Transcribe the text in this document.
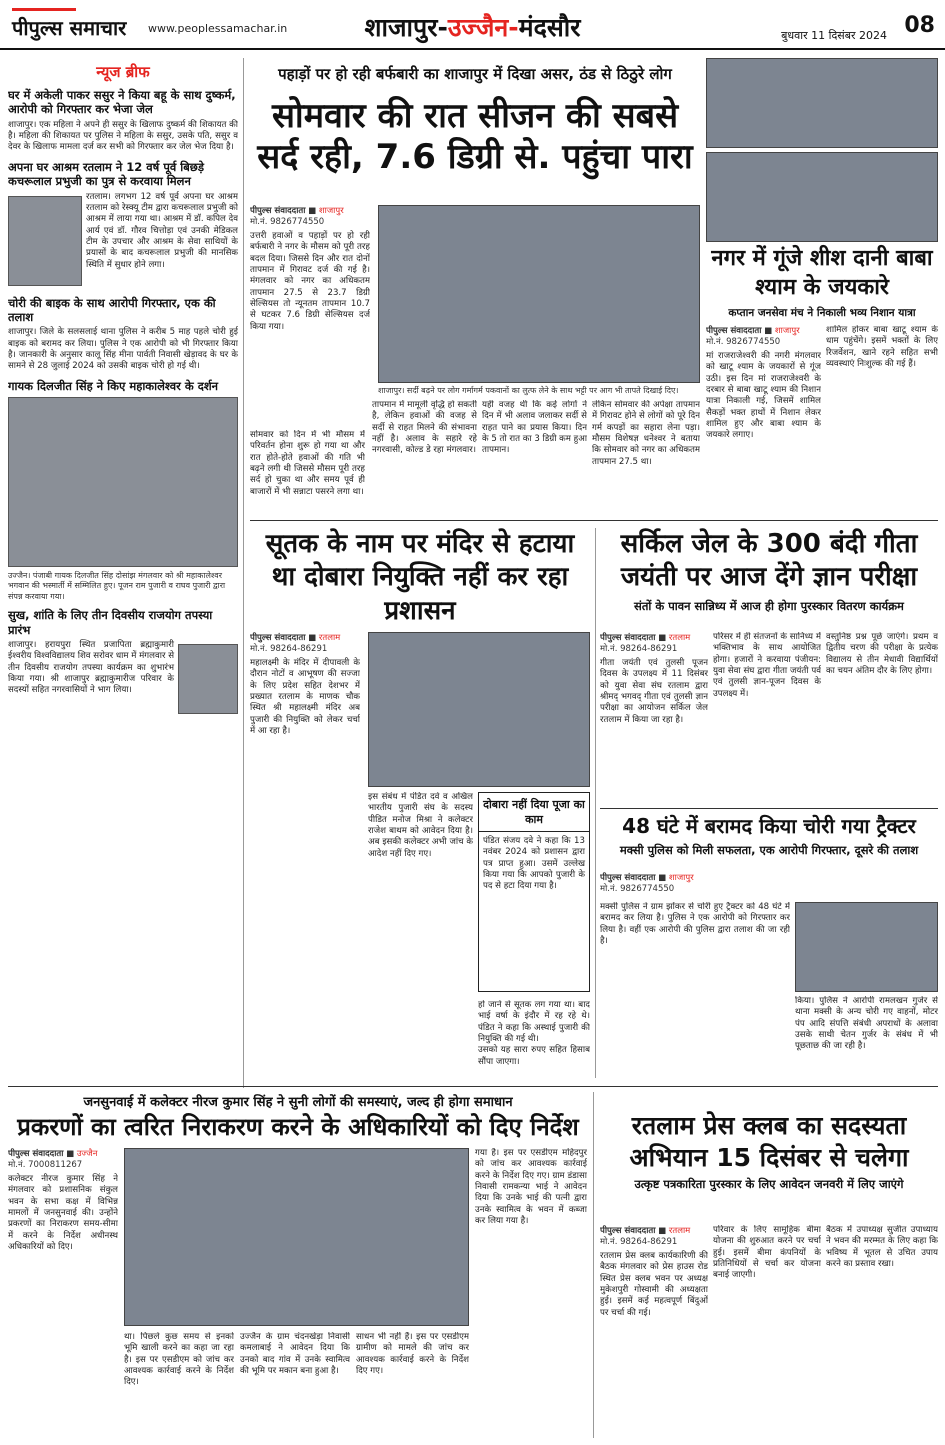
पीपुल्स समाचार www.peoplessamachar.in	शाजापुर-उज्जैन-मंदसौर	बुधवार 11 दिसंबर 2024 08
न्यूज ब्रीफ
घर में अकेली पाकर ससुर ने किया बहू के साथ दुष्कर्म, आरोपी को गिरफ्तार कर भेजा जेल
शाजापुर। एक महिला ने अपने ही ससुर के खिलाफ दुष्कर्म की शिकायत की है। महिला की शिकायत पर पुलिस ने महिला के ससुर, उसके पति, ससुर व देवर के खिलाफ मामला दर्ज कर सभी को गिरफ्तार कर जेल भेज दिया है।
अपना घर आश्रम रतलाम ने 12 वर्ष पूर्व बिछड़े कचरूलाल प्रभुजी का पुत्र से करवाया मिलन
रतलाम। लगभग 12 वर्ष पूर्व अपना घर आश्रम रतलाम को रेस्क्यू टीम द्वारा कचरूलाल प्रभुजी को आश्रम में लाया गया था। आश्रम में डॉ. कपिल देव आर्य एवं डॉ. गौरव चित्तोड़ा एवं उनकी मेडिकल टीम के उपचार और आश्रम के सेवा साथियों के प्रयासों के बाद कचरूलाल प्रभुजी की मानसिक स्थिति में सुधार होने लगा।
चोरी की बाइक के साथ आरोपी गिरफ्तार, एक की तलाश
शाजापुर। जिले के सलसलाई थाना पुलिस ने करीब 5 माह पहले चोरी हुई बाइक को बरामद कर लिया। पुलिस ने एक आरोपी को भी गिरफ्तार किया है। जानकारी के अनुसार कालू सिंह मीना पार्वती निवासी खेड़ावद के घर के सामने से 28 जुलाई 2024 को उसकी बाइक चोरी हो गई थी।
गायक दिलजीत सिंह ने किए महाकालेश्वर के दर्शन
उज्जैन। पंजाबी गायक दिलजीत सिंह दोसांझ मंगलवार को श्री महाकालेश्वर भगवान की भस्मार्ती में सम्मिलित हुए। पूजन राम पुजारी व राघव पुजारी द्वारा संपन्न करवाया गया।
सुख, शांति के लिए तीन दिवसीय राजयोग तपस्या प्रारंभ
शाजापुर। हरायपुरा स्थित प्रजापिता ब्रह्माकुमारी ईश्वरीय विश्वविद्यालय शिव सरोवर धाम में मंगलवार से तीन दिवसीय राजयोग तपस्या कार्यक्रम का शुभारंभ किया गया। श्री शाजापुर ब्रह्माकुमारीज परिवार के सदस्यों सहित नगरवासियों ने भाग लिया।
पहाड़ों पर हो रही बर्फबारी का शाजापुर में दिखा असर, ठंड से ठिठुरे लोग
सोमवार की रात सीजन की सबसे सर्द रही, 7.6 डिग्री से. पहुंचा पारा
पीपुल्स संवाददाता ■ शाजापुर
मो.नं. 9826774550
उत्तरी हवाओं व पहाड़ों पर हो रही बर्फबारी ने नगर के मौसम को पूरी तरह बदल दिया। जिससे दिन और रात दोनों तापमान में गिरावट दर्ज की गई है। मंगलवार को नगर का अधिकतम तापमान 27.5 से 23.7 डिग्री सेल्सियस तो न्यूनतम तापमान 10.7 से घटकर 7.6 डिग्री सेल्सियस दर्ज किया गया।
शाजापुर। सर्दी बढ़ने पर लोग गर्मागर्म पकवानों का लुत्फ लेने के साथ भट्टी पर आग भी तापते दिखाई दिए।
सोमवार को दिन में भी मौसम में परिवर्तन होना शुरू हो गया था और रात होते-होते हवाओं की गति भी बढ़ने लगी थी जिससे मौसम पूरी तरह सर्द हो चुका था और समय पूर्व ही बाजारों में भी सन्नाटा पसरने लगा था।
तापमान में मामूली वृद्धि हो सकती है, लेकिन हवाओं की वजह से सर्दी से राहत मिलने की संभावना नहीं है। अलाव के सहारे रहे नगरवासी, कोल्ड डे रहा मंगलवार।
यही वजह थी कि कई लोगों ने दिन में भी अलाव जलाकर सर्दी से राहत पाने का प्रयास किया। दिन के 5 तो रात का 3 डिग्री कम हुआ तापमान।
लेकिन सोमवार की अपेक्षा तापमान में गिरावट होने से लोगों को पूरे दिन गर्म कपड़ों का सहारा लेना पड़ा। मौसम विशेषज्ञ धनेश्वर ने बताया कि सोमवार को नगर का अधिकतम तापमान 27.5 था।
नगर में गूंजे शीश दानी बाबा श्याम के जयकारे
कप्तान जनसेवा मंच ने निकाली भव्य निशान यात्रा
पीपुल्स संवाददाता ■ शाजापुर
मो.नं. 9826774550
मां राजराजेश्वरी की नगरी मंगलवार को खाटू श्याम के जयकारों से गूंज उठी। इस दिन मां राजराजेश्वरी के दरबार से बाबा खाटू श्याम की निशान यात्रा निकाली गई, जिसमें शामिल सैकड़ों भक्त हाथों में निशान लेकर शामिल हुए और बाबा श्याम के जयकारे लगाए।
शामिल होकर बाबा खाटू श्याम के धाम पहुंचेंगे। इसमें भक्तों के लिए रिजर्वेशन, खाने रहने सहित सभी व्यवस्थाएं निःशुल्क की गई हैं।
सूतक के नाम पर मंदिर से हटाया था दोबारा नियुक्ति नहीं कर रहा प्रशासन
पीपुल्स संवाददाता ■ रतलाम
मो.नं. 98264-86291
महालक्ष्मी के मंदिर में दीपावली के दौरान नोटों व आभूषण की सज्जा के लिए प्रदेश सहित देशभर में प्रख्यात रतलाम के माणक चौक स्थित श्री महालक्ष्मी मंदिर अब पुजारी की नियुक्ति को लेकर चर्चा में आ रहा है।
इस संबंध में पंडित दवे व अखिल भारतीय पुजारी संघ के सदस्य पीडित मनोज मिश्रा ने कलेक्टर राजेश बाथम को आवेदन दिया है। अब इसकी कलेक्टर अभी जांच के आदेश नहीं दिए गए।
दोबारा नहीं दिया पूजा का काम
पंडित संजय दवे ने कहा कि 13 नवंबर 2024 को प्रशासन द्वारा पत्र प्राप्त हुआ। उसमें उल्लेख किया गया कि आपको पुजारी के पद से हटा दिया गया है।
हो जाने से सूतक लग गया था। बाद भाई वर्षा के इंदौर में रह रहे थे। पंडित ने कहा कि अस्थाई पुजारी की नियुक्ति की गई थी।
उसको यह सारा रुपए सहित हिसाब सौंपा जाएगा।
सर्किल जेल के 300 बंदी गीता जयंती पर आज देंगे ज्ञान परीक्षा
संतों के पावन सान्निध्य में आज ही होगा पुरस्कार वितरण कार्यक्रम
पीपुल्स संवाददाता ■ रतलाम
मो.नं. 98264-86291
गीता जयंती एवं तुलसी पूजन दिवस के उपलक्ष्य में 11 दिसंबर को युवा सेवा संघ रतलाम द्वारा श्रीमद् भगवद् गीता एवं तुलसी ज्ञान परीक्षा का आयोजन सर्किल जेल रतलाम में किया जा रहा है।
परिसर में ही संतजनों के सानिध्य में भक्तिभाव के साथ आयोजित होगा। हजारों ने करवाया पंजीयन: युवा सेवा संघ द्वारा गीता जयंती पर्व एवं तुलसी ज्ञान-पूजन दिवस के उपलक्ष्य में।
वस्तुनिष्ठ प्रश्न पूछे जाएंगे। प्रथम व द्वितीय चरण की परीक्षा के प्रत्येक विद्यालय से तीन मेधावी विद्यार्थियों का चयन अंतिम दौर के लिए होगा।
48 घंटे में बरामद किया चोरी गया ट्रैक्टर
मक्सी पुलिस को मिली सफलता, एक आरोपी गिरफ्तार, दूसरे की तलाश
पीपुल्स संवाददाता ■ शाजापुर
मो.नं. 9826774550
मक्सी पुलिस ने ग्राम झोंकर से चोरी हुए ट्रैक्टर को 48 घंटे में बरामद कर लिया है। पुलिस ने एक आरोपी को गिरफ्तार कर लिया है। वहीं एक आरोपी की पुलिस द्वारा तलाश की जा रही है।
किया। पुलिस ने आरोपी रामलखन गुर्जर से थाना मक्सी के अन्य चोरी गए वाहनों, मोटर पंप आदि संपत्ति संबंधी अपराधों के अलावा उसके साथी चेतन गुर्जर के संबंध में भी पूछताछ की जा रही है।
जनसुनवाई में कलेक्टर नीरज कुमार सिंह ने सुनी लोगों की समस्याएं, जल्द ही होगा समाधान
प्रकरणों का त्वरित निराकरण करने के अधिकारियों को दिए निर्देश
पीपुल्स संवाददाता ■ उज्जैन
मो.नं. 7000811267
कलेक्टर नीरज कुमार सिंह ने मंगलवार को प्रशासनिक संकुल भवन के सभा कक्ष में विभिन्न मामलों में जनसुनवाई की। उन्होंने प्रकरणों का निराकरण समय-सीमा में करने के निर्देश अधीनस्थ अधिकारियों को दिए।
था। पिछले कुछ समय से इनको भूमि खाली करने का कहा जा रहा है। इस पर एसडीएम को जांच कर आवश्यक कार्रवाई करने के निर्देश दिए।
उज्जैन के ग्राम चंदनखेड़ा निवासी कमलाबाई ने आवेदन दिया कि उनको बाद गांव में उनके स्वामित्व की भूमि पर मकान बना हुआ है।
साधन भी नहीं हैं। इस पर एसडीएम ग्रामीण को मामले की जांच कर आवश्यक कार्रवाई करने के निर्देश दिए गए।
गया है। इस पर एसडीएम महिदपुर को जांच कर आवश्यक कार्रवाई करने के निर्देश दिए गए। ग्राम डंडासा निवासी रामकन्या भाई ने आवेदन दिया कि उनके भाई की पत्नी द्वारा उनके स्वामित्व के भवन में कब्जा कर लिया गया है।
रतलाम प्रेस क्लब का सदस्यता अभियान 15 दिसंबर से चलेगा
उत्कृष्ट पत्रकारिता पुरस्कार के लिए आवेदन जनवरी में लिए जाएंगे
पीपुल्स संवाददाता ■ रतलाम
मो.नं. 98264-86291
रतलाम प्रेस क्लब कार्यकारिणी की बैठक मंगलवार को प्रेस हाउस रोड स्थित प्रेस क्लब भवन पर अध्यक्ष मुकेशपुरी गोस्वामी की अध्यक्षता हुई। इसमें कई महत्वपूर्ण बिंदुओं पर चर्चा की गई।
परिवार के लिए सामूहिक बीमा योजना की शुरुआत करने पर चर्चा हुई। इसमें बीमा कंपनियों के प्रतिनिधियों से चर्चा कर योजना बनाई जाएगी।
बैठक में उपाध्यक्ष सुजीत उपाध्याय ने भवन की मरम्मत के लिए कहा कि भविष्य में भूतल से उचित उपाय करने का प्रस्ताव रखा।
